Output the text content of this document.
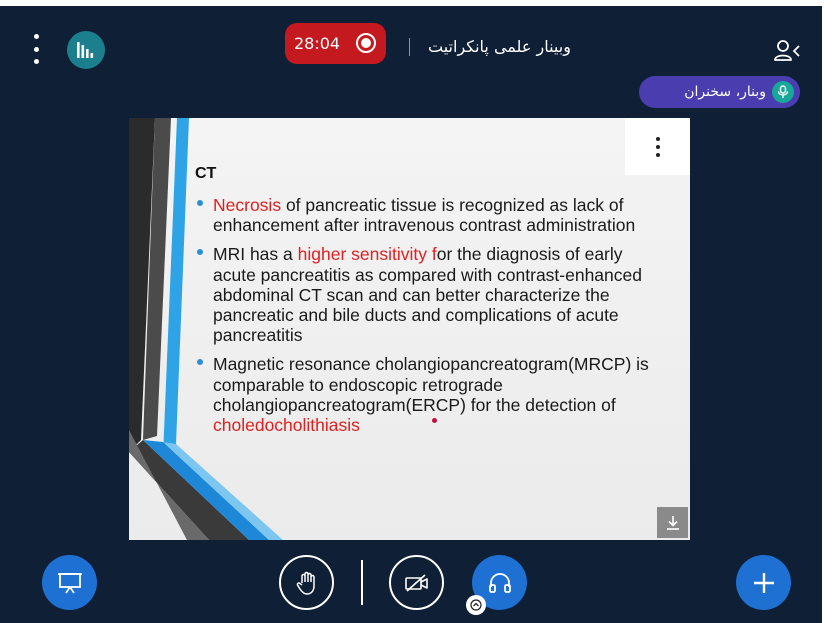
28:04	وبینار علمی پانکراتیت
وبنار، سخنران
CT
Necrosis of pancreatic tissue is recognized as lack of enhancement after intravenous contrast administration
MRI has a higher sensitivity for the diagnosis of early acute pancreatitis as compared with contrast-enhanced abdominal CT scan and can better characterize the pancreatic and bile ducts and complications of acute pancreatitis
Magnetic resonance cholangiopancreatogram(MRCP) is comparable to endoscopic retrograde cholangiopancreatogram(ERCP) for the detection of choledocholithiasis
